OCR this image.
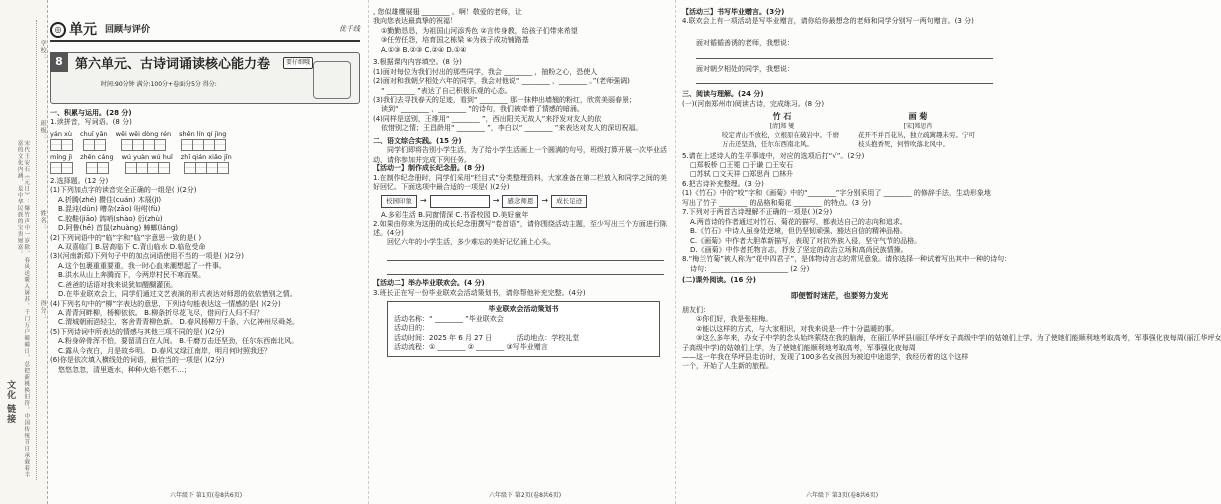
学校：
班级：
姓名：
得分：
文化 链接	宋代王安石《元日》：爆竹声中一岁除，春风送暖入屠苏。千门万户曈曈日，总把新桃换旧符。中国传统节日承载着丰富的文化内涵，是中华民族的宝贵财富。
◎ 单元 回顾与评价	优千线
8 第六单元、古诗词诵读核心能力卷	要仔细哦
时间:90分钟 满分:100分+卷面分5分 得分:
一、积累与运用。(28 分)
1.读拼音，写词语。(8 分)
yán xù chuī yān wēi wēi dòng rén shēn lín qí jìng
míng jì zhēn cáng wú yuàn wú huǐ zhī qián xiǎo jǐn
2.选择题。(12 分)
(1)下列加点字的读音完全正确的一组是( )(2分)
A.折腾(zhé) 攒住(cuán) 木屐(jī)
B.混沌(dùn) 嘈杂(zāo) 吩咐(fù)
C.胶鞋(jiāo) 鸽哨(shào) 衍(zhù)
D.阿鲁(hē) 首鼠(zhuàng) 蟑螂(láng)
(2)下列词语中的“临”字和“临”字意思一致的是( )
A.双喜临门 B.居高临下 C.背山临水 D.临危受命
(3)(河南新郑)下列句子中的加点词语使用不当的一项是( )(2分)
A.这个包裹重重要重，我一时心血来潮想起了一件事。
B.洪水从山上奔腾而下，今两岸村民不寒而栗。
C.爸爸的话语对我来说犹如醍醐灌顶。
D.在毕业联欢会上，同学们通过文艺表演的形式表达对师恩的依依惜别之情。
(4)下列名句中的“柳”字表达的意思，下列诗句能表达这一情感的是( )(2分)
A.青青河畔柳，杨柳依依。 B.柳条折尽花飞尽，借问行人归不归？
C.渭城朝雨浥轻尘，客舍青青柳色新。 D.春风杨柳万千条，六亿神州尽舜尧。
(5)下列诗词中所表达的情感与其他三项不同的是( )(2分)
A.粉身碎骨浑不怕，要留清白在人间。 B.千磨万击还坚劲，任尔东西南北风。
C.露从今夜白，月是故乡明。 D.春风又绿江南岸，明月何时照我还？
(6)你是依次填入横线处的词语，最恰当的一项是( )(2分)
悠悠忽忽，清里逝水，种种火焰不燃不…；
六年级下 第1页(卷8共6页)
, 您似雄鹰展翅 ________ 。啊！敬爱的老师，让
我向您表达最真挚的祝福！
①勤勤恳恳，为祖国山河添秀色 ②言传身教，给孩子们带来希望
③任劳任怨，培育国之栋梁 ④为孩子成功铺路基
A.①③ B.②③ C.②④ D.①④
3.根据课内内容填空。(8 分)
(1)面对每位为我们付出的那些同学，我会 ________ ，抽粉之心，恐使人
(2)面对和我朝夕相处六年的同学，我会对他说“ ________ ，________ 。”(老师强调)
“ ________ ”表达了自己积极乐观的心态。
(3)我们去寻找春天的足迹，看到“ ________ 那一抹伸出墙翘的粉红，欣赏美丽春景；
读到“ ________ ，________ ”的诗句，我们被牵着了情感的暗涌。
(4)同样是送别，王维用“ ________ ”，西出阳关无故人”来抒发对友人的依
依惜别之情；王昌龄用“ ________ ”，李白以“ ________ ”来表达对友人的深切祝福。
二、语文综合实践。(15 分)
同学们即将告别小学生活，为了给小学生活画上一个圆满的句号，班级打算开展一次毕业活动，请你参加并完成下列任务。
【活动一】制作成长纪念册。(8 分)
1.在制作纪念册时，同学们采用“栏目式”分类整理资料，大家准备在第二栏放入和同学之间的美好回忆。下面选项中最合适的一项是( )(2分)
校园印象	→	→	感念师恩	→	成长足迹
A.多彩生活 B.同窗情深 C.书香校园 D.美好童年
2.如果由你来为这册的成长纪念册撰写“卷首语”，请你围绕活动主题，至少写出三个方面进行陈述。(4分)
回忆六年的小学生活，多少难忘的美好记忆涌上心头。
【活动二】举办毕业联欢会。(4 分)
3.班长正在写一份毕业联欢会活动策划书，请你帮他补充完整。(4分)
毕业联欢会活动策划书
活动名称：“ ________ ”毕业联欢会
活动目的：
活动时间：2025 年 6 月 27 日	活动地点：学校礼堂
活动流程：① ________ ② ________ ③写毕业赠言
六年级下 第2页(卷8共6页)
【活动三】书写毕业赠言。(3分)
4.联欢会上有一项活动是写毕业赠言，请你给你最想念的老师和同学分别写一两句赠言。(3 分)
面对循循善诱的老师，我想说：
面对朝夕相处的同学，我想说：
三、阅读与理解。(24 分)
(一)(河南郑州市)阅读古诗，完成练习。(8 分)
竹 石
[清]郑 燮
咬定青山不放松，立根原在破岩中。千磨万击还坚劲，任尔东西南北风。
画 菊
[宋]郑思肖
花开不并百花丛，独立疏篱趣未穷。宁可枝头抱香死，何曾吹落北风中。
5.请在上述诗人的生平事迹中，对应的选项后打“√”。(2分)
□郑板桥 □王冕 □于谦 □王安石
□苏轼 □文天祥 □郑思肖 □林升
6.把古诗补充整理。(3 分)
(1)《竹石》中的“咬”字和《画菊》中的“________”字分别采用了 ________ 的修辞手法，生动形象地
写出了竹子 ________ 的品格和菊花 ________ 的特点。(3 分)
7.下列对于两首古诗理解不正确的一项是( )(2分)
A.两首诗的作者通过对竹石、菊花的描写，都表达自己的志向和追求。
B.《竹石》中诗人虽身处逆境，但仍坚韧顽强、豁达自信的精神品格。
C.《画菊》中作者大胆革新描写，表现了对抗外族入侵，坚守气节的品格。
D.《画菊》中作者托物言志，抒发了坚定的政治立场和高尚民族情操。
8.“梅兰竹菊”被人称为“花中四君子”，是体物诗言志的常见意象。请你选择一种试着写出其中一种的诗句：
诗句：______________________ (2 分)
(二)课外阅读。(16 分)
即便暂时迷茫，也要努力发光
朋友们：
①你们好，我是张桂梅。
②能以这样的方式，与大家相识，对我来说是一件十分温暖的事。
③这么多年来，办女子中学的念头始终萦绕在我的脑海，在丽江华坪县(丽江华坪女子高级中学)的姑娘们上学。为了使她们能顺利地考取高考，军事强化夜每周(丽江华坪女
子高级中学)的姑娘们上学，为了使她们能顺利地考取高考，军事强化夜每周
——这一年我在华坪县走访时，发现了100多名女孩因为被迫中途退学，我经历着的这个这样
一个，开始了人生新的旅程。
六年级下 第3页(卷8共6页)
